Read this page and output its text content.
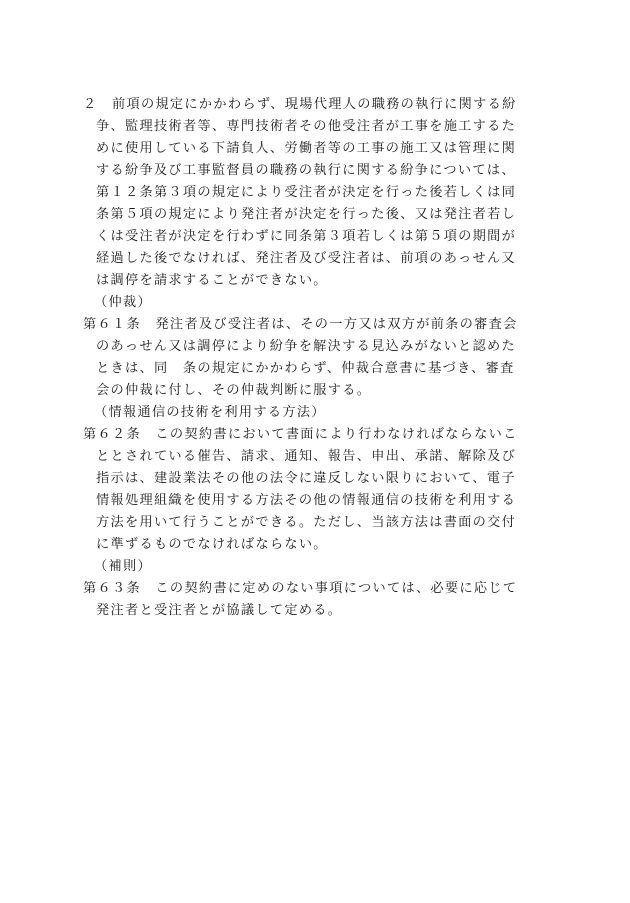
２　前項の規定にかかわらず、現場代理人の職務の執行に関する紛
争、監理技術者等、専門技術者その他受注者が工事を施工するた
めに使用している下請負人、労働者等の工事の施工又は管理に関
する紛争及び工事監督員の職務の執行に関する紛争については、
第１２条第３項の規定により受注者が決定を行った後若しくは同
条第５項の規定により発注者が決定を行った後、又は発注者若し
くは受注者が決定を行わずに同条第３項若しくは第５項の期間が
経過した後でなければ、発注者及び受注者は、前項のあっせん又
は調停を請求することができない。
（仲裁）
第６１条　発注者及び受注者は、その一方又は双方が前条の審査会
のあっせん又は調停により紛争を解決する見込みがないと認めた
ときは、同　条の規定にかかわらず、仲裁合意書に基づき、審査
会の仲裁に付し、その仲裁判断に服する。
（情報通信の技術を利用する方法）
第６２条　この契約書において書面により行わなければならないこ
ととされている催告、請求、通知、報告、申出、承諾、解除及び
指示は、建設業法その他の法令に違反しない限りにおいて、電子
情報処理組織を使用する方法その他の情報通信の技術を利用する
方法を用いて行うことができる。ただし、当該方法は書面の交付
に準ずるものでなければならない。
（補則）
第６３条　この契約書に定めのない事項については、必要に応じて
発注者と受注者とが協議して定める。
